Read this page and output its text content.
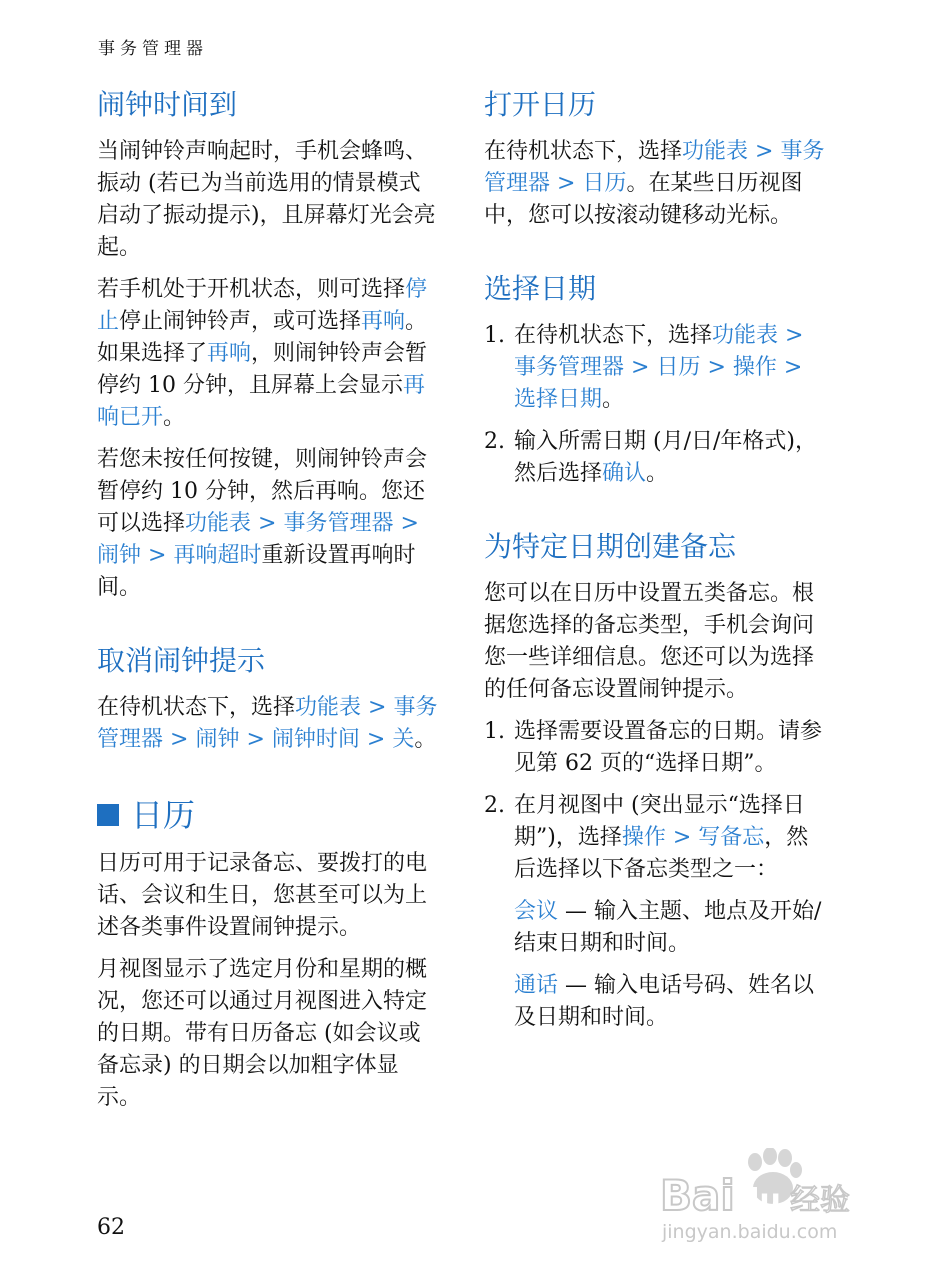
事务管理器
闹钟时间到

当闹钟铃声响起时，手机会蜂鸣、振动 (若已为当前选用的情景模式启动了振动提示)，且屏幕灯光会亮起。

若手机处于开机状态，则可选择停止停止闹钟铃声，或可选择再响。如果选择了再响，则闹钟铃声会暂停约 10 分钟，且屏幕上会显示再响已开。

若您未按任何按键，则闹钟铃声会暂停约 10 分钟，然后再响。您还可以选择功能表 > 事务管理器 > 闹钟 > 再响超时重新设置再响时间。

取消闹钟提示

在待机状态下，选择功能表 > 事务管理器 > 闹钟 > 闹钟时间 > 关。

日历

日历可用于记录备忘、要拨打的电话、会议和生日，您甚至可以为上述各类事件设置闹钟提示。

月视图显示了选定月份和星期的概况，您还可以通过月视图进入特定的日期。带有日历备忘 (如会议或备忘录) 的日期会以加粗字体显示。

打开日历

在待机状态下，选择功能表 > 事务管理器 > 日历。在某些日历视图中，您可以按滚动键移动光标。

选择日期
1. 在待机状态下，选择功能表 > 事务管理器 > 日历 > 操作 > 选择日期。
2. 输入所需日期 (月/日/年格式)，然后选择确认。
为特定日期创建备忘

您可以在日历中设置五类备忘。根据您选择的备忘类型，手机会询问您一些详细信息。您还可以为选择的任何备忘设置闹钟提示。

1. 选择需要设置备忘的日期。请参见第 62 页的“选择日期”。
2. 在月视图中 (突出显示“选择日期”)，选择操作 > 写备忘，然后选择以下备忘类型之一：
会议 — 输入主题、地点及开始/结束日期和时间。
通话 — 输入电话号码、姓名以及日期和时间。
62
Bai du 经验
jingyan.baidu.com
